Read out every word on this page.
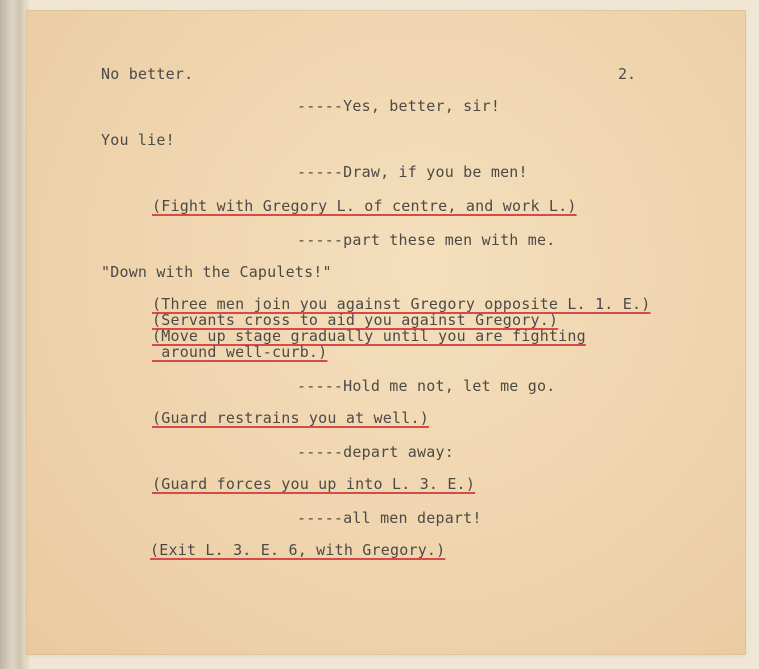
No better.	2.

-----Yes, better, sir!

You lie!

-----Draw, if you be men!

(Fight with Gregory L. of centre, and work L.)

-----part these men with me.

"Down with the Capulets!"

(Three men join you against Gregory opposite L. 1. E.)

(Servants cross to aid you against Gregory.)

(Move up stage gradually until you are fighting

around well-curb.)

-----Hold me not, let me go.

(Guard restrains you at well.)

-----depart away:

(Guard forces you up into L. 3. E.)

-----all men depart!

(Exit L. 3. E. 6, with Gregory.)
